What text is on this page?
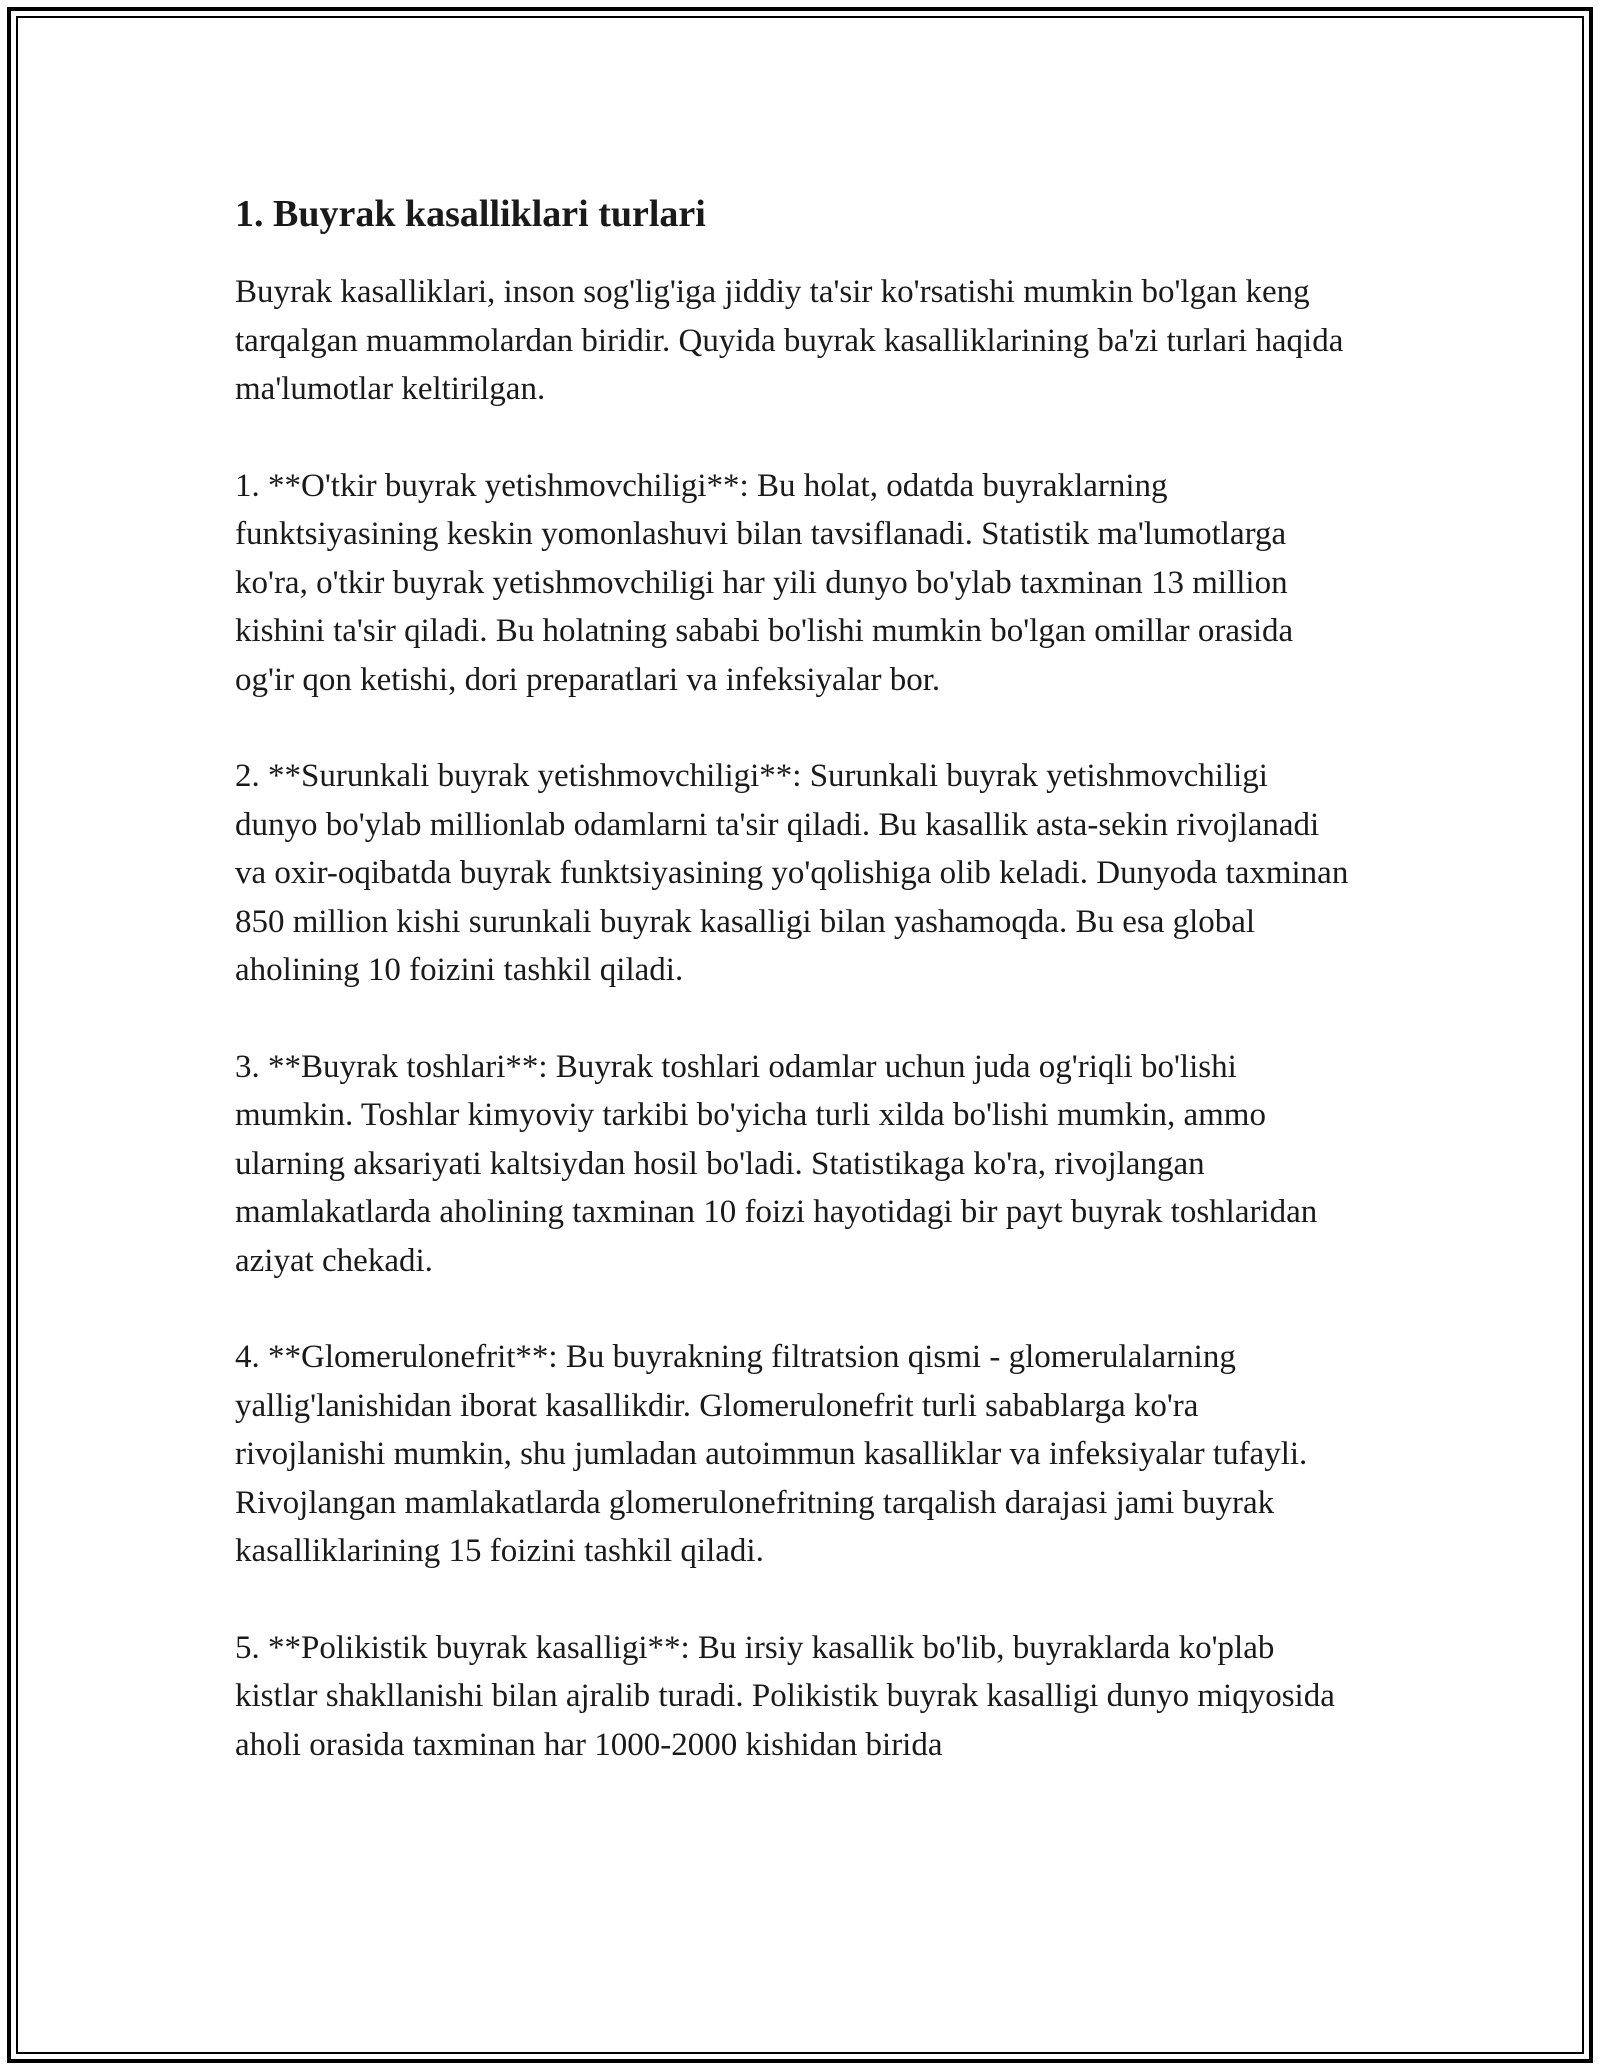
1. Buyrak kasalliklari turlari

Buyrak kasalliklari, inson sog'lig'iga jiddiy ta'sir ko'rsatishi mumkin bo'lgan keng tarqalgan muammolardan biridir. Quyida buyrak kasalliklarining ba'zi turlari haqida ma'lumotlar keltirilgan.

1. **O'tkir buyrak yetishmovchiligi**: Bu holat, odatda buyraklarning funktsiyasining keskin yomonlashuvi bilan tavsiflanadi. Statistik ma'lumotlarga ko'ra, o'tkir buyrak yetishmovchiligi har yili dunyo bo'ylab taxminan 13 million kishini ta'sir qiladi. Bu holatning sababi bo'lishi mumkin bo'lgan omillar orasida og'ir qon ketishi, dori preparatlari va infeksiyalar bor.

2. **Surunkali buyrak yetishmovchiligi**: Surunkali buyrak yetishmovchiligi dunyo bo'ylab millionlab odamlarni ta'sir qiladi. Bu kasallik asta-sekin rivojlanadi va oxir-oqibatda buyrak funktsiyasining yo'qolishiga olib keladi. Dunyoda taxminan 850 million kishi surunkali buyrak kasalligi bilan yashamoqda. Bu esa global aholining 10 foizini tashkil qiladi.

3. **Buyrak toshlari**: Buyrak toshlari odamlar uchun juda og'riqli bo'lishi mumkin. Toshlar kimyoviy tarkibi bo'yicha turli xilda bo'lishi mumkin, ammo ularning aksariyati kaltsiydan hosil bo'ladi. Statistikaga ko'ra, rivojlangan mamlakatlarda aholining taxminan 10 foizi hayotidagi bir payt buyrak toshlaridan aziyat chekadi.

4. **Glomerulonefrit**: Bu buyrakning filtratsion qismi - glomerulalarning yallig'lanishidan iborat kasallikdir. Glomerulonefrit turli sabablarga ko'ra rivojlanishi mumkin, shu jumladan autoimmun kasalliklar va infeksiyalar tufayli. Rivojlangan mamlakatlarda glomerulonefritning tarqalish darajasi jami buyrak kasalliklarining 15 foizini tashkil qiladi.

5. **Polikistik buyrak kasalligi**: Bu irsiy kasallik bo'lib, buyraklarda ko'plab kistlar shakllanishi bilan ajralib turadi. Polikistik buyrak kasalligi dunyo miqyosida aholi orasida taxminan har 1000-2000 kishidan birida
